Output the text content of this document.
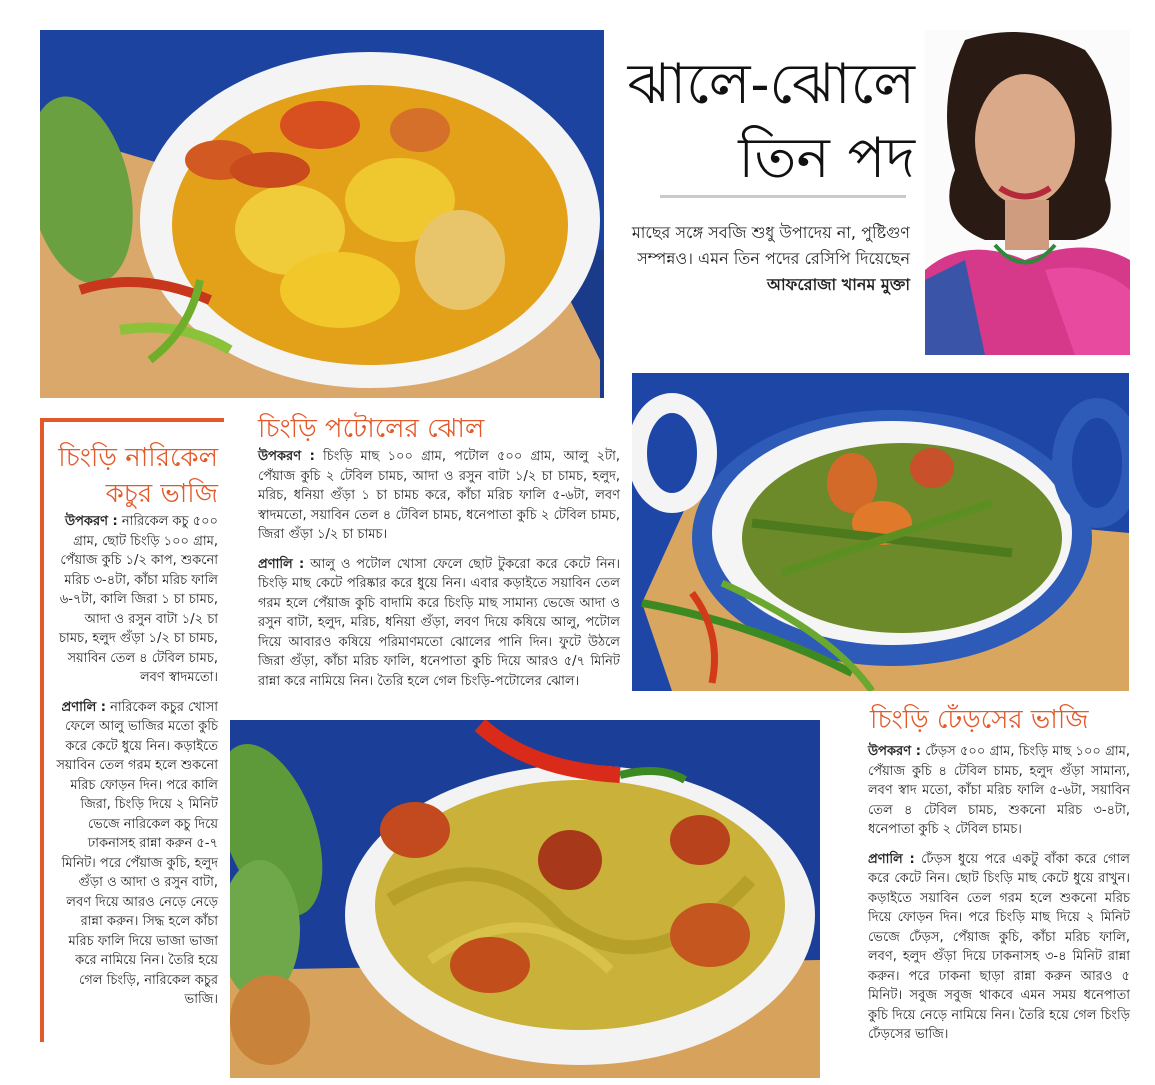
ঝালে-ঝোলে
তিন পদ
মাছের সঙ্গে সবজি শুধু উপাদেয় না, পুষ্টিগুণ সম্পন্নও। এমন তিন পদের রেসিপি দিয়েছেন
আফরোজা খানম মুক্তা
চিংড়ি পটোলের ঝোল

উপকরণ : চিংড়ি মাছ ১০০ গ্রাম, পটোল ৫০০ গ্রাম, আলু ২টা, পেঁয়াজ কুচি ২ টেবিল চামচ, আদা ও রসুন বাটা ১/২ চা চামচ, হলুদ, মরিচ, ধনিয়া গুঁড়া ১ চা চামচ করে, কাঁচা মরিচ ফালি ৫-৬টা, লবণ স্বাদমতো, সয়াবিন তেল ৪ টেবিল চামচ, ধনেপাতা কুচি ২ টেবিল চামচ, জিরা গুঁড়া ১/২ চা চামচ।

প্রণালি : আলু ও পটোল খোসা ফেলে ছোট টুকরো করে কেটে নিন। চিংড়ি মাছ কেটে পরিষ্কার করে ধুয়ে নিন। এবার কড়াইতে সয়াবিন তেল গরম হলে পেঁয়াজ কুচি বাদামি করে চিংড়ি মাছ সামান্য ভেজে আদা ও রসুন বাটা, হলুদ, মরিচ, ধনিয়া গুঁড়া, লবণ দিয়ে কষিয়ে আলু, পটোল দিয়ে আবারও কষিয়ে পরিমাণমতো ঝোলের পানি দিন। ফুটে উঠলে জিরা গুঁড়া, কাঁচা মরিচ ফালি, ধনেপাতা কুচি দিয়ে আরও ৫/৭ মিনিট রান্না করে নামিয়ে নিন। তৈরি হলে গেল চিংড়ি-পটোলের ঝোল।

চিংড়ি নারিকেল
কচুর ভাজি

উপকরণ : নারিকেল কচু ৫০০ গ্রাম, ছোট চিংড়ি ১০০ গ্রাম, পেঁয়াজ কুচি ১/২ কাপ, শুকনো মরিচ ৩-৪টা, কাঁচা মরিচ ফালি ৬-৭টা, কালি জিরা ১ চা চামচ, আদা ও রসুন বাটা ১/২ চা চামচ, হলুদ গুঁড়া ১/২ চা চামচ, সয়াবিন তেল ৪ টেবিল চামচ, লবণ স্বাদমতো।

প্রণালি : নারিকেল কচুর খোসা ফেলে আলু ভাজির মতো কুচি করে কেটে ধুয়ে নিন। কড়াইতে সয়াবিন তেল গরম হলে শুকনো মরিচ ফোড়ন দিন। পরে কালি জিরা, চিংড়ি দিয়ে ২ মিনিট ভেজে নারিকেল কচু দিয়ে ঢাকনাসহ রান্না করুন ৫-৭ মিনিট। পরে পেঁয়াজ কুচি, হলুদ গুঁড়া ও আদা ও রসুন বাটা, লবণ দিয়ে আরও নেড়ে নেড়ে রান্না করুন। সিদ্ধ হলে কাঁচা মরিচ ফালি দিয়ে ভাজা ভাজা করে নামিয়ে নিন। তৈরি হয়ে গেল চিংড়ি, নারিকেল কচুর ভাজি।

চিংড়ি ঢেঁড়সের ভাজি

উপকরণ : ঢেঁড়স ৫০০ গ্রাম, চিংড়ি মাছ ১০০ গ্রাম, পেঁয়াজ কুচি ৪ টেবিল চামচ, হলুদ গুঁড়া সামান্য, লবণ স্বাদ মতো, কাঁচা মরিচ ফালি ৫-৬টা, সয়াবিন তেল ৪ টেবিল চামচ, শুকনো মরিচ ৩-৪টা, ধনেপাতা কুচি ২ টেবিল চামচ।

প্রণালি : ঢেঁড়স ধুয়ে পরে একটু বাঁকা করে গোল করে কেটে নিন। ছোট চিংড়ি মাছ কেটে ধুয়ে রাখুন। কড়াইতে সয়াবিন তেল গরম হলে শুকনো মরিচ দিয়ে ফোড়ন দিন। পরে চিংড়ি মাছ দিয়ে ২ মিনিট ভেজে ঢেঁড়স, পেঁয়াজ কুচি, কাঁচা মরিচ ফালি, লবণ, হলুদ গুঁড়া দিয়ে ঢাকনাসহ ৩-৪ মিনিট রান্না করুন। পরে ঢাকনা ছাড়া রান্না করুন আরও ৫ মিনিট। সবুজ সবুজ থাকবে এমন সময় ধনেপাতা কুচি দিয়ে নেড়ে নামিয়ে নিন। তৈরি হয়ে গেল চিংড়ি ঢেঁড়সের ভাজি।
